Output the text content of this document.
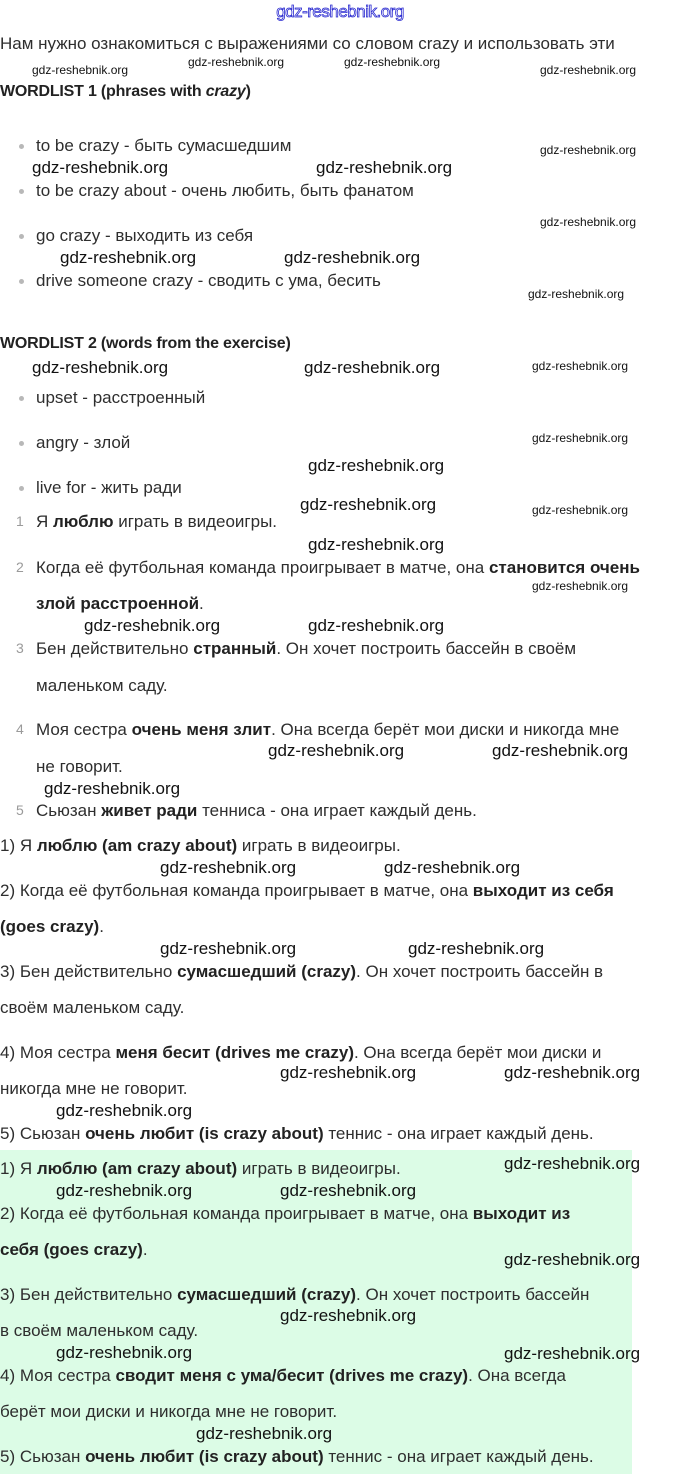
gdz-reshebnik.org
Нам нужно ознакомиться с выражениями со словом crazy и использовать эти
WORDLIST 1 (phrases with crazy)
to be crazy - быть сумасшедшим
to be crazy about - очень любить, быть фанатом
go crazy - выходить из себя
drive someone crazy - сводить с ума, бесить
WORDLIST 2 (words from the exercise)
upset - расстроенный
angry - злой
live for - жить ради
1
2
3
4
5
Я люблю играть в видеоигры.
Когда её футбольная команда проигрывает в матче, она становится очень
злой расстроенной.
Бен действительно странный. Он хочет построить бассейн в своём
маленьком саду.
Моя сестра очень меня злит. Она всегда берёт мои диски и никогда мне
не говорит.
Сьюзан живет ради тенниса - она играет каждый день.
1) Я люблю (am crazy about) играть в видеоигры.
2) Когда её футбольная команда проигрывает в матче, она выходит из себя
(goes crazy).
3) Бен действительно сумасшедший (crazy). Он хочет построить бассейн в
своём маленьком саду.
4) Моя сестра меня бесит (drives me crazy). Она всегда берёт мои диски и
никогда мне не говорит.
5) Сьюзан очень любит (is crazy about) теннис - она играет каждый день.
1) Я люблю (am crazy about) играть в видеоигры.
2) Когда её футбольная команда проигрывает в матче, она выходит из
себя (goes crazy).
3) Бен действительно сумасшедший (crazy). Он хочет построить бассейн
в своём маленьком саду.
4) Моя сестра сводит меня с ума/бесит (drives me crazy). Она всегда
берёт мои диски и никогда мне не говорит.
5) Сьюзан очень любит (is crazy about) теннис - она играет каждый день.
gdz-reshebnik.org
gdz-reshebnik.org
gdz-reshebnik.org
gdz-reshebnik.org
gdz-reshebnik.org
gdz-reshebnik.org
gdz-reshebnik.org
gdz-reshebnik.org
gdz-reshebnik.org
gdz-reshebnik.org	gdz-reshebnik.org
gdz-reshebnik.org
gdz-reshebnik.org	gdz-reshebnik.org
gdz-reshebnik.org	gdz-reshebnik.org
gdz-reshebnik.org	gdz-reshebnik.org
gdz-reshebnik.org
gdz-reshebnik.org	gdz-reshebnik.org
gdz-reshebnik.org
gdz-reshebnik.org	gdz-reshebnik.org
gdz-reshebnik.org
gdz-reshebnik.org
gdz-reshebnik.org
gdz-reshebnik.org
gdz-reshebnik.org
gdz-reshebnik.org	gdz-reshebnik.org
gdz-reshebnik.org	gdz-reshebnik.org
gdz-reshebnik.org
gdz-reshebnik.org
gdz-reshebnik.org
gdz-reshebnik.org
gdz-reshebnik.org
gdz-reshebnik.org
gdz-reshebnik.org
